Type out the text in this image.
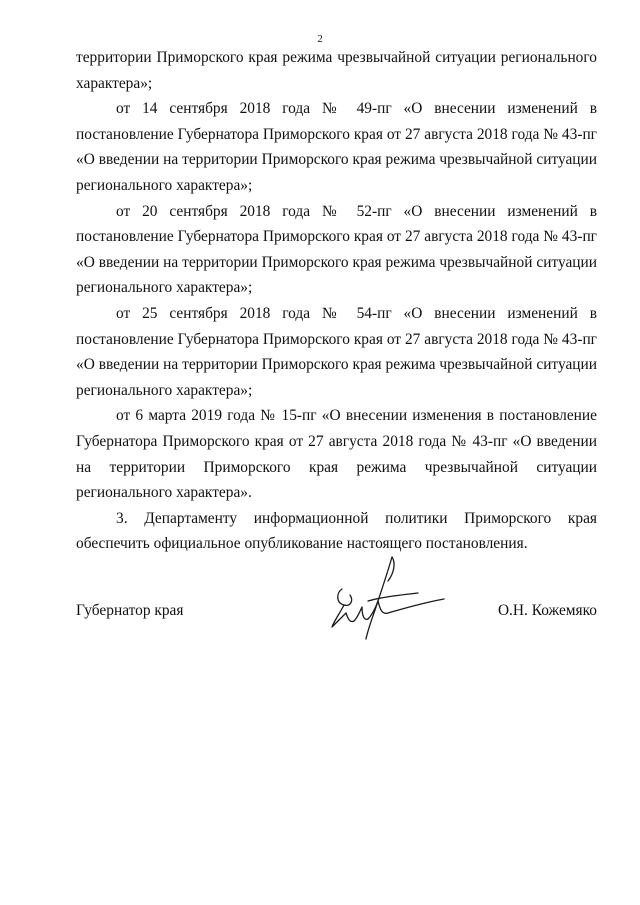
2

территории Приморского края режима чрезвычайной ситуации регионального характера»;

от 14 сентября 2018 года № 49-пг «О внесении изменений в постановление Губернатора Приморского края от 27 августа 2018 года № 43-пг «О введении на территории Приморского края режима чрезвычайной ситуации регионального характера»;

от 20 сентября 2018 года № 52-пг «О внесении изменений в постановление Губернатора Приморского края от 27 августа 2018 года № 43-пг «О введении на территории Приморского края режима чрезвычайной ситуации регионального характера»;

от 25 сентября 2018 года № 54-пг «О внесении изменений в постановление Губернатора Приморского края от 27 августа 2018 года № 43-пг «О введении на территории Приморского края режима чрезвычайной ситуации регионального характера»;

от 6 марта 2019 года № 15-пг «О внесении изменения в постановление Губернатора Приморского края от 27 августа 2018 года № 43-пг «О введении на территории Приморского края режима чрезвычайной ситуации регионального характера».

3. Департаменту информационной политики Приморского края обеспечить официальное опубликование настоящего постановления.

Губернатор края	О.Н. Кожемяко
